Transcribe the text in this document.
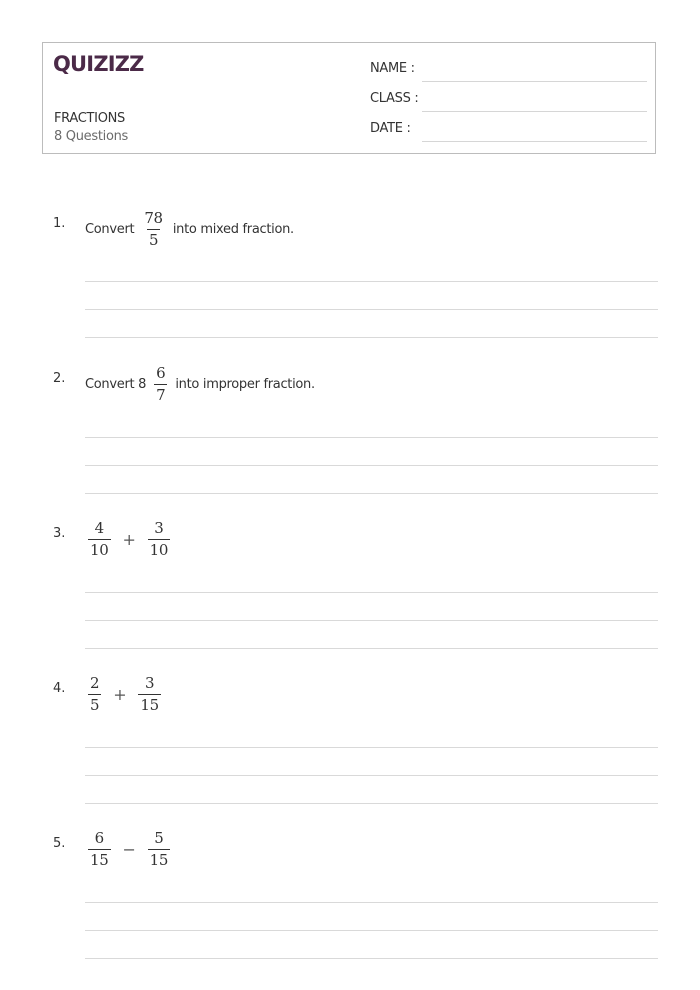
QUIZIZZ
FRACTIONS
8 Questions
NAME :
CLASS :
DATE :
1. Convert $\frac{78}{5}$ into mixed fraction.
2. Convert $8 \frac{6}{7}$ into improper fraction.
3. $\frac{4}{10} + \frac{3}{10}$
4. $\frac{2}{5} + \frac{3}{15}$
5. $\frac{6}{15} - \frac{5}{15}$
